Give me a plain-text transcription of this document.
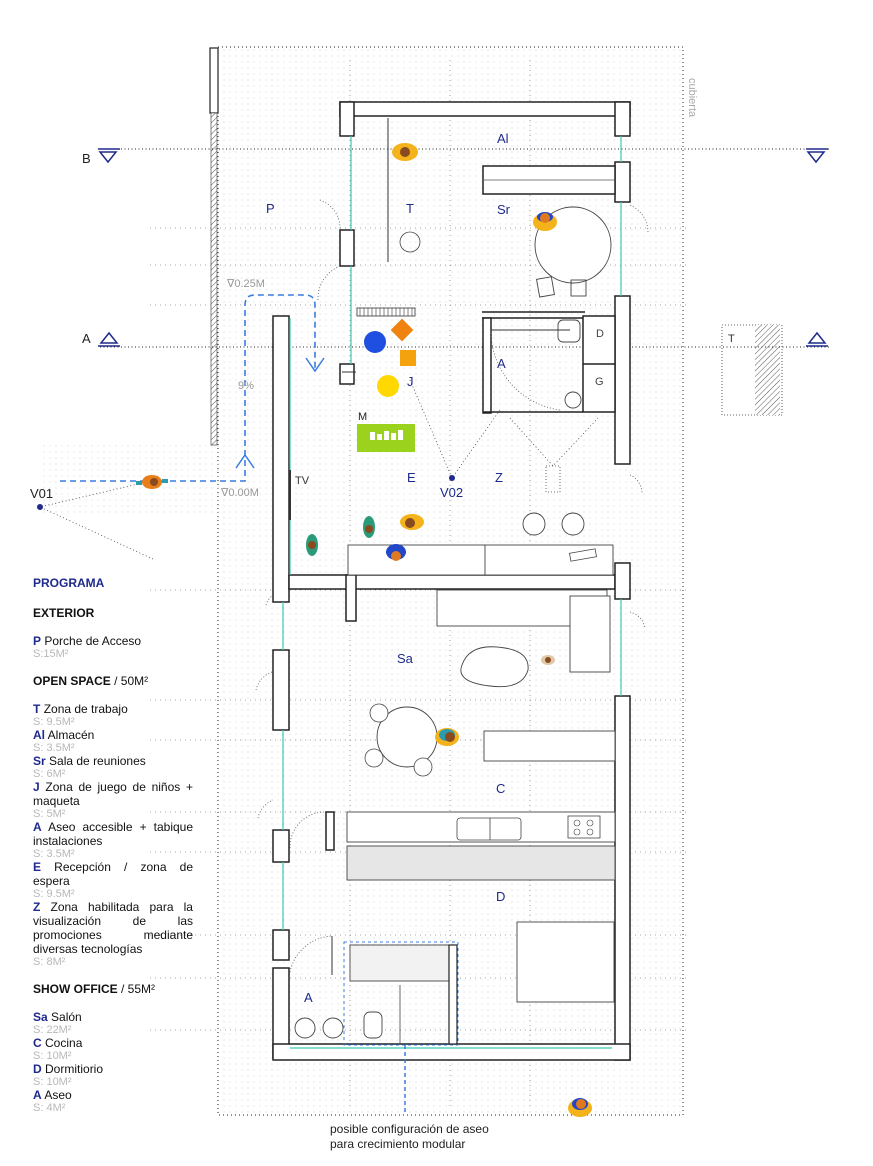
B
A
cubierta
∇0.25M
∇0.00M
9%
P	T
Al
Sr
J
M
A
D
G
E	Z
Sa
C
D
A
V02
V01
TV
T
PROGRAMA
EXTERIOR
P Porche de Acceso
S:15M²
OPEN SPACE / 50M²
T Zona de trabajo
S: 9.5M²
Al Almacén
S: 3.5M²
Sr Sala de reuniones
S: 6M²
J Zona de juego de niños + maqueta
S: 5M²
A Aseo accesible + tabique instalaciones
S: 3.5M²
E Recepción / zona de espera
S: 9.5M²
Z Zona habilitada para la visualización de las promociones mediante diversas tecnologías
S: 8M²
SHOW OFFICE / 55M²
Sa Salón
S: 22M²
C Cocina
S: 10M²
D Dormitiorio
S: 10M²
A Aseo
S: 4M²
posible configuración de aseo
para crecimiento modular
